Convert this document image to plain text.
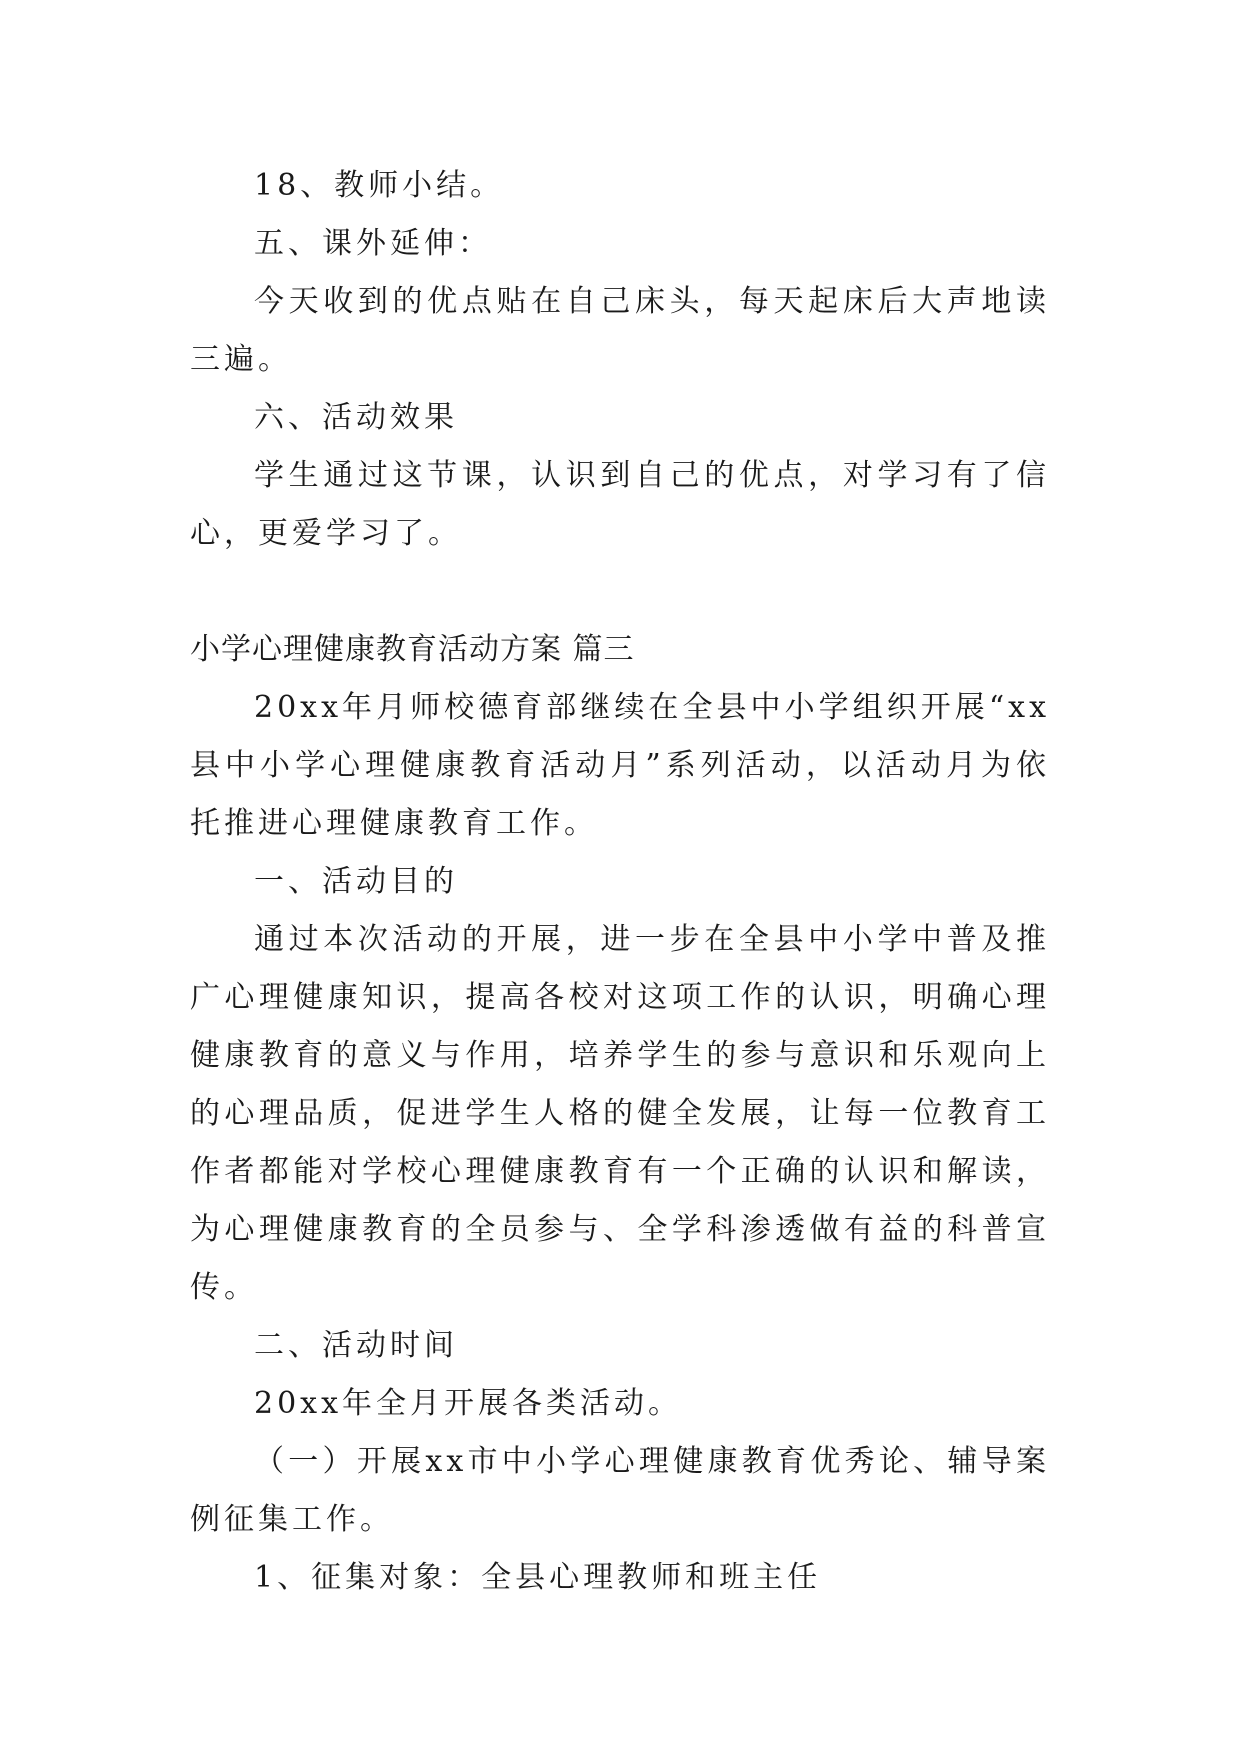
18、教师小结。

五、课外延伸：

今天收到的优点贴在自己床头，每天起床后大声地读三遍。

六、活动效果

学生通过这节课，认识到自己的优点，对学习有了信心，更爱学习了。

小学心理健康教育活动方案 篇三

20xx年月师校德育部继续在全县中小学组织开展“xx县中小学心理健康教育活动月”系列活动，以活动月为依托推进心理健康教育工作。

一、活动目的

通过本次活动的开展，进一步在全县中小学中普及推广心理健康知识，提高各校对这项工作的认识，明确心理健康教育的意义与作用，培养学生的参与意识和乐观向上的心理品质，促进学生人格的健全发展，让每一位教育工作者都能对学校心理健康教育有一个正确的认识和解读，为心理健康教育的全员参与、全学科渗透做有益的科普宣传。

二、活动时间

20xx年全月开展各类活动。

（一）开展xx市中小学心理健康教育优秀论、辅导案例征集工作。

1、征集对象：全县心理教师和班主任
